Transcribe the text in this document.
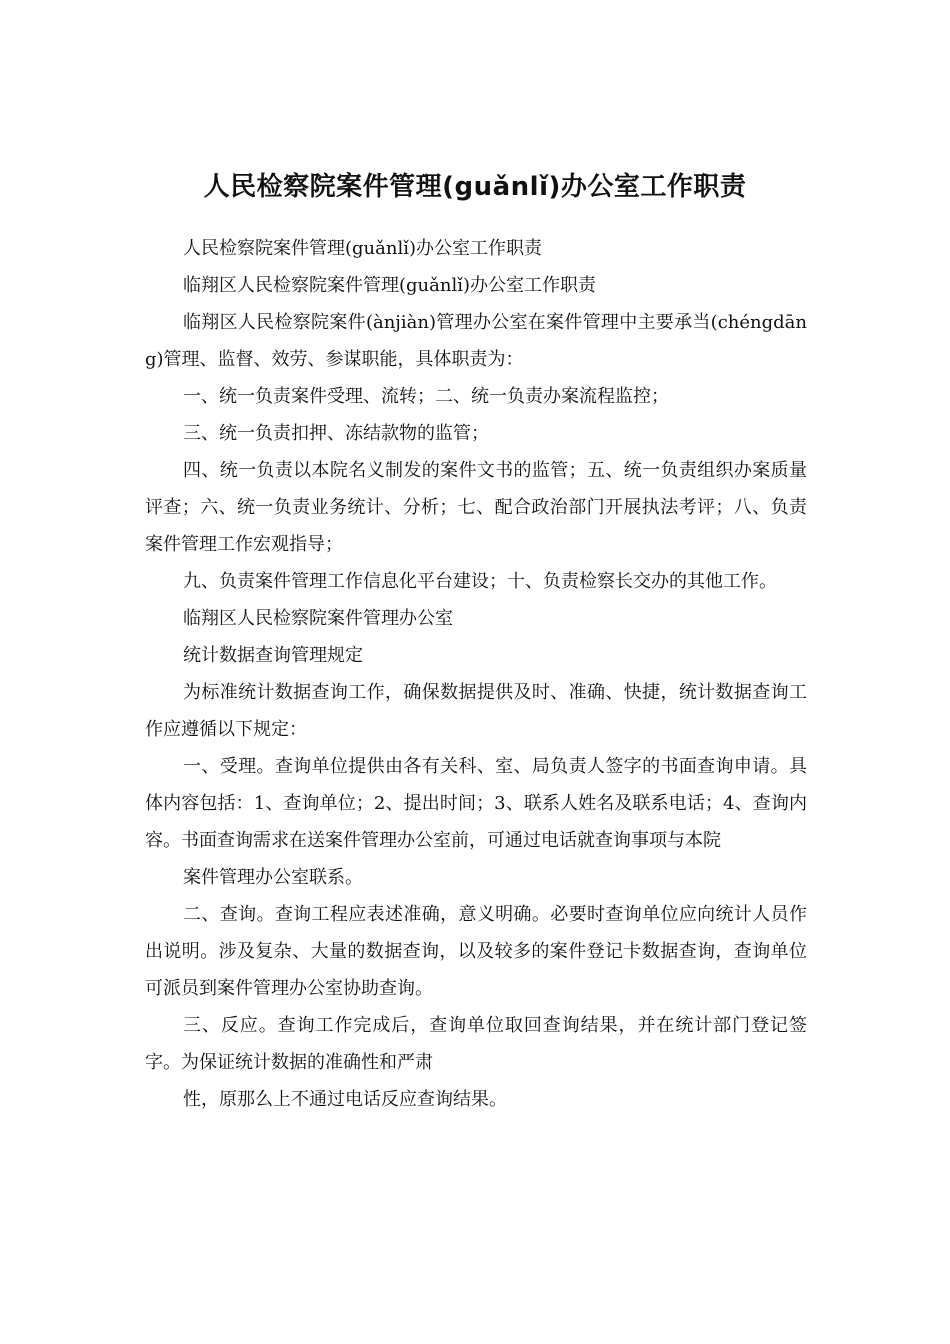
人民检察院案件管理(guǎnlǐ)办公室工作职责

人民检察院案件管理(guǎnlǐ)办公室工作职责

临翔区人民检察院案件管理(guǎnlǐ)办公室工作职责

临翔区人民检察院案件(ànjiàn)管理办公室在案件管理中主要承当(chéngdāng)管理、监督、效劳、参谋职能，具体职责为：

一、统一负责案件受理、流转；二、统一负责办案流程监控；

三、统一负责扣押、冻结款物的监管；

四、统一负责以本院名义制发的案件文书的监管；五、统一负责组织办案质量评查；六、统一负责业务统计、分析；七、配合政治部门开展执法考评；八、负责案件管理工作宏观指导；

九、负责案件管理工作信息化平台建设；十、负责检察长交办的其他工作。

临翔区人民检察院案件管理办公室

统计数据查询管理规定

为标准统计数据查询工作，确保数据提供及时、准确、快捷，统计数据查询工作应遵循以下规定：

一、受理。查询单位提供由各有关科、室、局负责人签字的书面查询申请。具体内容包括：1、查询单位；2、提出时间；3、联系人姓名及联系电话；4、查询内容。书面查询需求在送案件管理办公室前，可通过电话就查询事项与本院

案件管理办公室联系。

二、查询。查询工程应表述准确，意义明确。必要时查询单位应向统计人员作出说明。涉及复杂、大量的数据查询，以及较多的案件登记卡数据查询，查询单位可派员到案件管理办公室协助查询。

三、反应。查询工作完成后，查询单位取回查询结果，并在统计部门登记签字。为保证统计数据的准确性和严肃

性，原那么上不通过电话反应查询结果。
